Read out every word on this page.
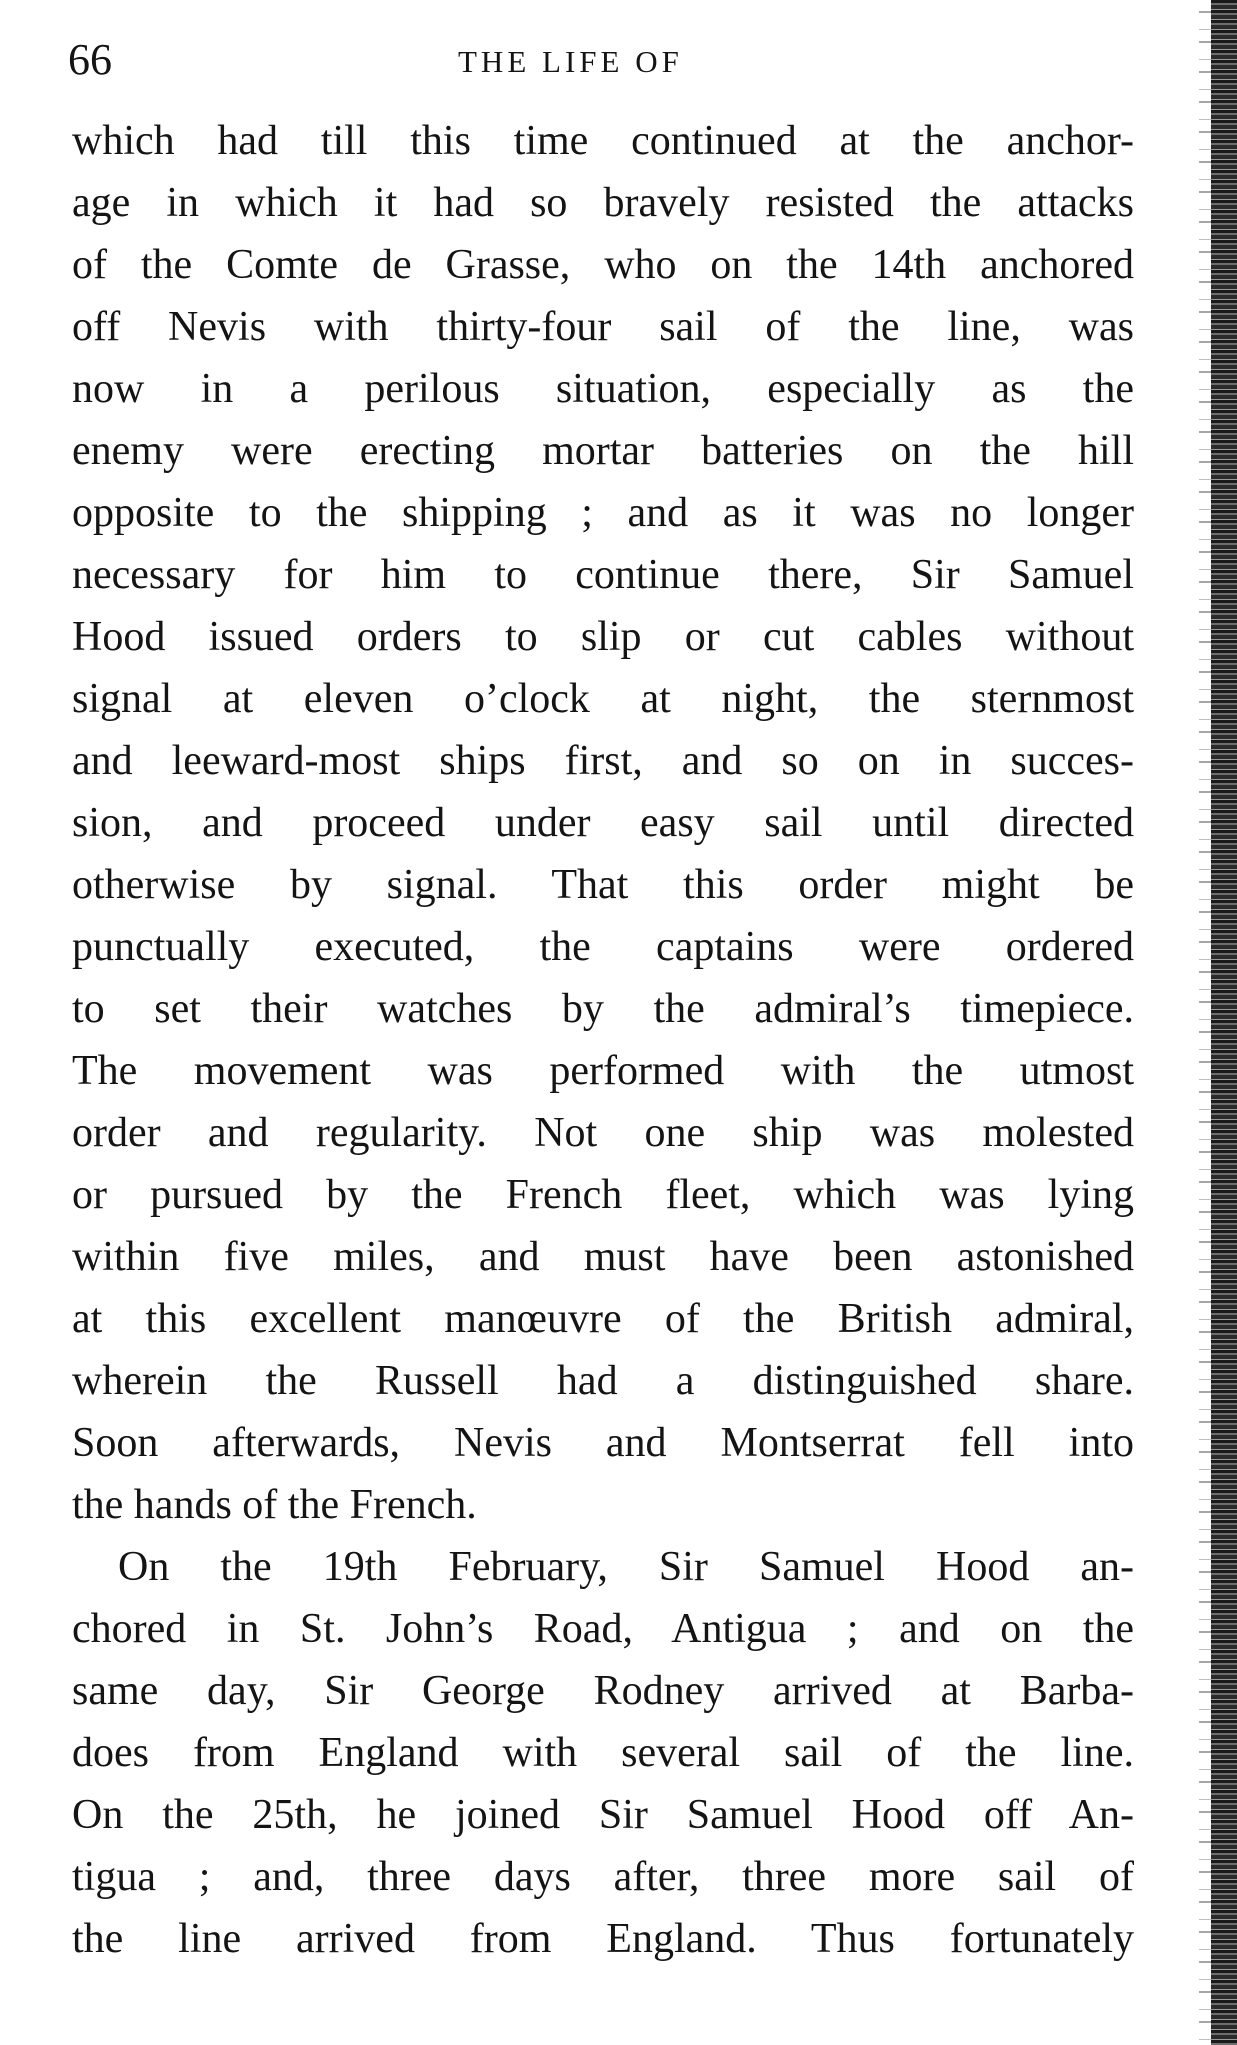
66	THE LIFE OF
which had till this time continued at the anchor-
age in which it had so bravely resisted the attacks
of the Comte de Grasse, who on the 14th anchored
off Nevis with thirty-four sail of the line, was
now in a perilous situation, especially as the
enemy were erecting mortar batteries on the hill
opposite to the shipping ; and as it was no longer
necessary for him to continue there, Sir Samuel
Hood issued orders to slip or cut cables without
signal at eleven o’clock at night, the sternmost
and leeward-most ships first, and so on in succes-
sion, and proceed under easy sail until directed
otherwise by signal. That this order might be
punctually executed, the captains were ordered
to set their watches by the admiral’s timepiece.
The movement was performed with the utmost
order and regularity. Not one ship was molested
or pursued by the French fleet, which was lying
within five miles, and must have been astonished
at this excellent manœuvre of the British admiral,
wherein the Russell had a distinguished share.
Soon afterwards, Nevis and Montserrat fell into
the hands of the French.
On the 19th February, Sir Samuel Hood an-
chored in St. John’s Road, Antigua ; and on the
same day, Sir George Rodney arrived at Barba-
does from England with several sail of the line.
On the 25th, he joined Sir Samuel Hood off An-
tigua ; and, three days after, three more sail of
the line arrived from England. Thus fortunately
